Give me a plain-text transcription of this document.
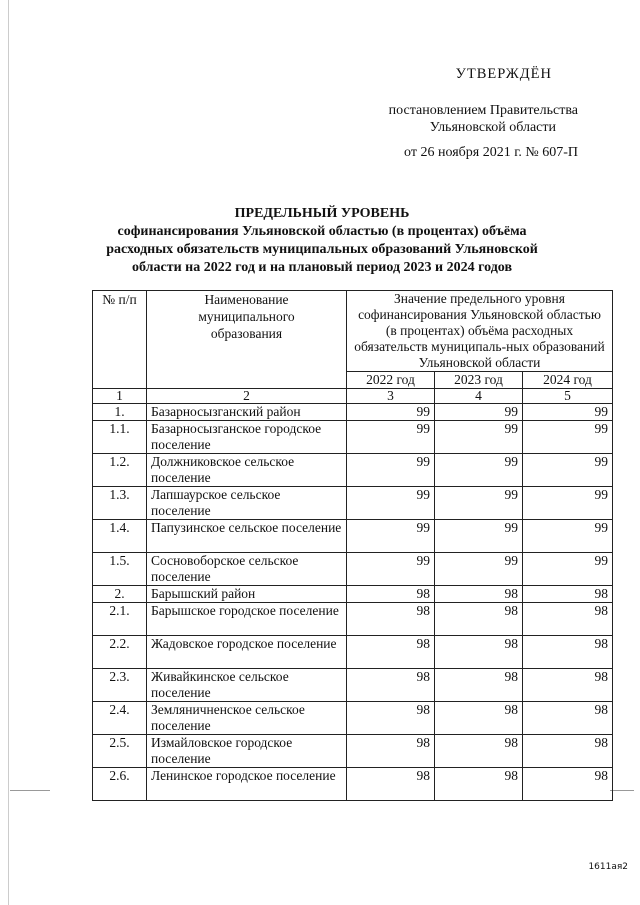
УТВЕРЖДЁН
постановлением Правительства
Ульяновской области
от 26 ноября 2021 г. № 607-П
ПРЕДЕЛЬНЫЙ УРОВЕНЬ
софинансирования Ульяновской областью (в процентах) объёма
расходных обязательств муниципальных образований Ульяновской
области на 2022 год и на плановый период 2023 и 2024 годов
№ п/п	Наименование муниципального образования	Значение предельного уровня софинансирования Ульяновской областью (в процентах) объёма расходных обязательств муниципаль-ных образований Ульяновской области		
		2022 год	2023 год	2024 год
1	2	3	4	5
1.	Базарносызганский район	99	99	99
1.1.	Базарносызганское городское поселение	99	99	99
1.2.	Должниковское сельское поселение	99	99	99
1.3.	Лапшаурское сельское поселение	99	99	99
1.4.	Папузинское сельское поселение	99	99	99
1.5.	Сосновоборское сельское поселение	99	99	99
2.	Барышский район	98	98	98
2.1.	Барышское городское поселение	98	98	98
2.2.	Жадовское городское поселение	98	98	98
2.3.	Живайкинское сельское поселение	98	98	98
2.4.	Земляничненское сельское поселение	98	98	98
2.5.	Измайловское городское поселение	98	98	98
2.6.	Ленинское городское поселение	98	98	98
1611ая2
